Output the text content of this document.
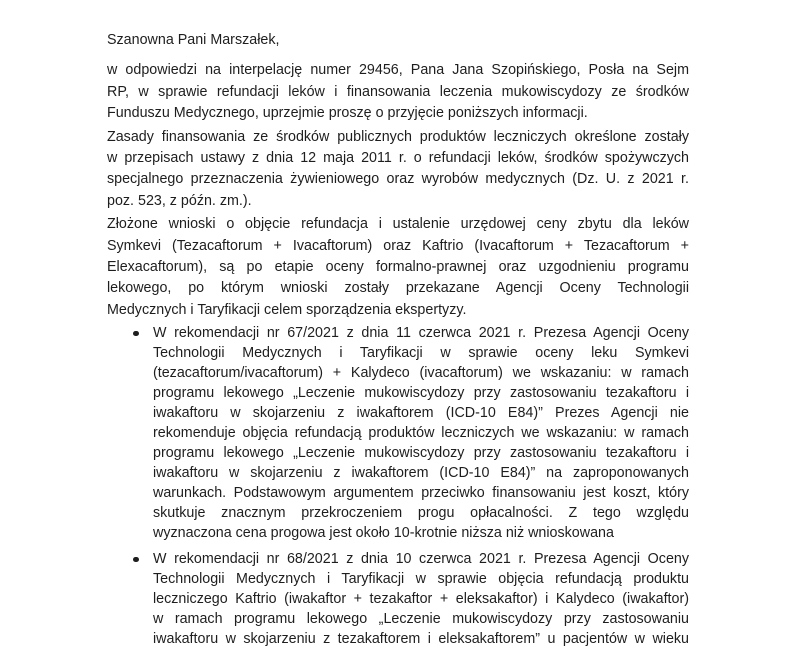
Szanowna Pani Marszałek,
w odpowiedzi na interpelację numer 29456, Pana Jana Szopińskiego, Posła na Sejm
RP, w sprawie refundacji leków i finansowania leczenia mukowiscydozy ze środków
Funduszu Medycznego, uprzejmie proszę o przyjęcie poniższych informacji.
Zasady finansowania ze środków publicznych produktów leczniczych określone zostały
w przepisach ustawy z dnia 12 maja 2011 r. o refundacji leków, środków spożywczych
specjalnego przeznaczenia żywieniowego oraz wyrobów medycznych (Dz. U. z 2021 r.
poz. 523, z późn. zm.).
Złożone wnioski o objęcie refundacja i ustalenie urzędowej ceny zbytu dla leków
Symkevi (Tezacaftorum + Ivacaftorum) oraz Kaftrio (Ivacaftorum + Tezacaftorum +
Elexacaftorum), są po etapie oceny formalno-prawnej oraz uzgodnieniu programu
lekowego, po którym wnioski zostały przekazane Agencji Oceny Technologii
Medycznych i Taryfikacji celem sporządzenia ekspertyzy.
W rekomendacji nr 67/2021 z dnia 11 czerwca 2021 r. Prezesa Agencji Oceny
Technologii Medycznych i Taryfikacji w sprawie oceny leku Symkevi
(tezacaftorum/ivacaftorum) + Kalydeco (ivacaftorum) we wskazaniu: w ramach
programu lekowego „Leczenie mukowiscydozy przy zastosowaniu tezakaftoru i
iwakaftoru w skojarzeniu z iwakaftorem (ICD-10 E84)” Prezes Agencji nie
rekomenduje objęcia refundacją produktów leczniczych we wskazaniu: w ramach
programu lekowego „Leczenie mukowiscydozy przy zastosowaniu tezakaftoru i
iwakaftoru w skojarzeniu z iwakaftorem (ICD-10 E84)” na zaproponowanych
warunkach. Podstawowym argumentem przeciwko finansowaniu jest koszt, który
skutkuje znacznym przekroczeniem progu opłacalności. Z tego względu
wyznaczona cena progowa jest około 10-krotnie niższa niż wnioskowana
W rekomendacji nr 68/2021 z dnia 10 czerwca 2021 r. Prezesa Agencji Oceny
Technologii Medycznych i Taryfikacji w sprawie objęcia refundacją produktu
leczniczego Kaftrio (iwakaftor + tezakaftor + eleksakaftor) i Kalydeco (iwakaftor)
w ramach programu lekowego „Leczenie mukowiscydozy przy zastosowaniu
iwakaftoru w skojarzeniu z tezakaftorem i eleksakaftorem” u pacjentów w wieku
